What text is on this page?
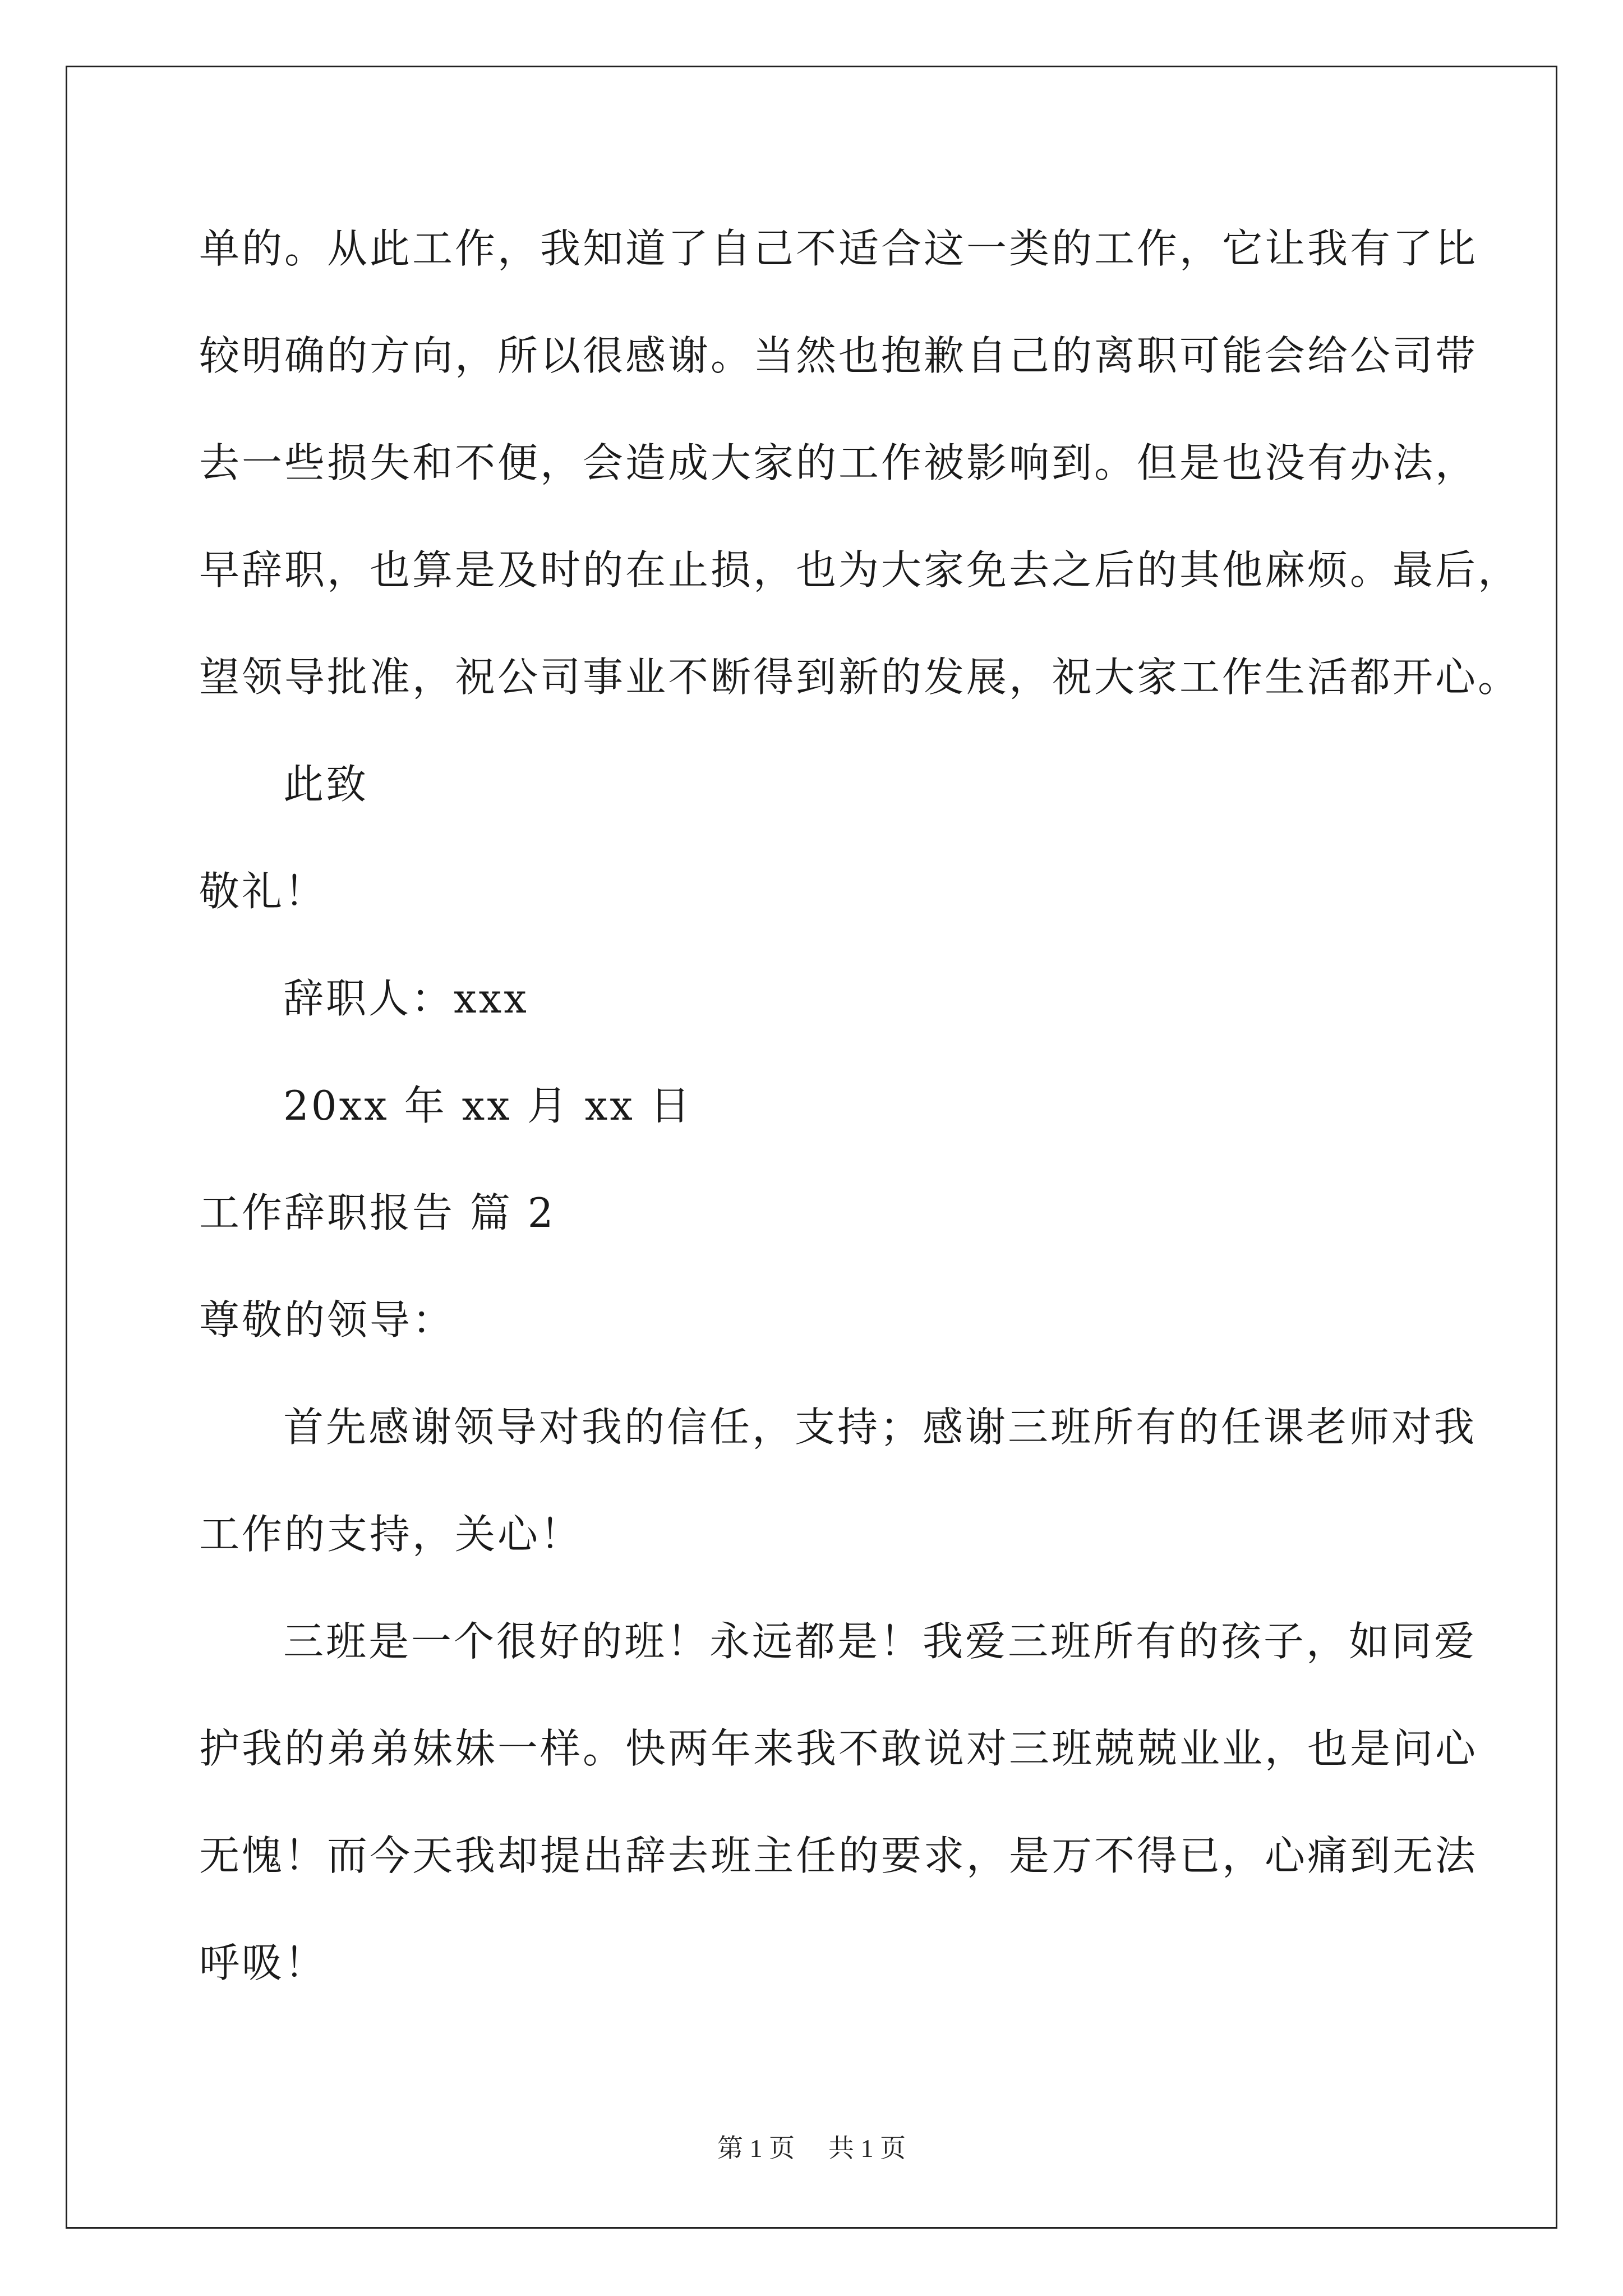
单的。从此工作，我知道了自己不适合这一类的工作，它让我有了比
较明确的方向，所以很感谢。当然也抱歉自己的离职可能会给公司带
去一些损失和不便，会造成大家的工作被影响到。但是也没有办法，
早辞职，也算是及时的在止损，也为大家免去之后的其他麻烦。最后，
望领导批准，祝公司事业不断得到新的发展，祝大家工作生活都开心。
此致
敬礼！
辞职人：xxx
20xx 年 xx 月 xx 日
工作辞职报告 篇 2
尊敬的领导：
首先感谢领导对我的信任，支持；感谢三班所有的任课老师对我
工作的支持，关心！
三班是一个很好的班！永远都是！我爱三班所有的孩子，如同爱
护我的弟弟妹妹一样。快两年来我不敢说对三班兢兢业业，也是问心
无愧！而今天我却提出辞去班主任的要求，是万不得已，心痛到无法
呼吸！
第 1 页 共 1 页
